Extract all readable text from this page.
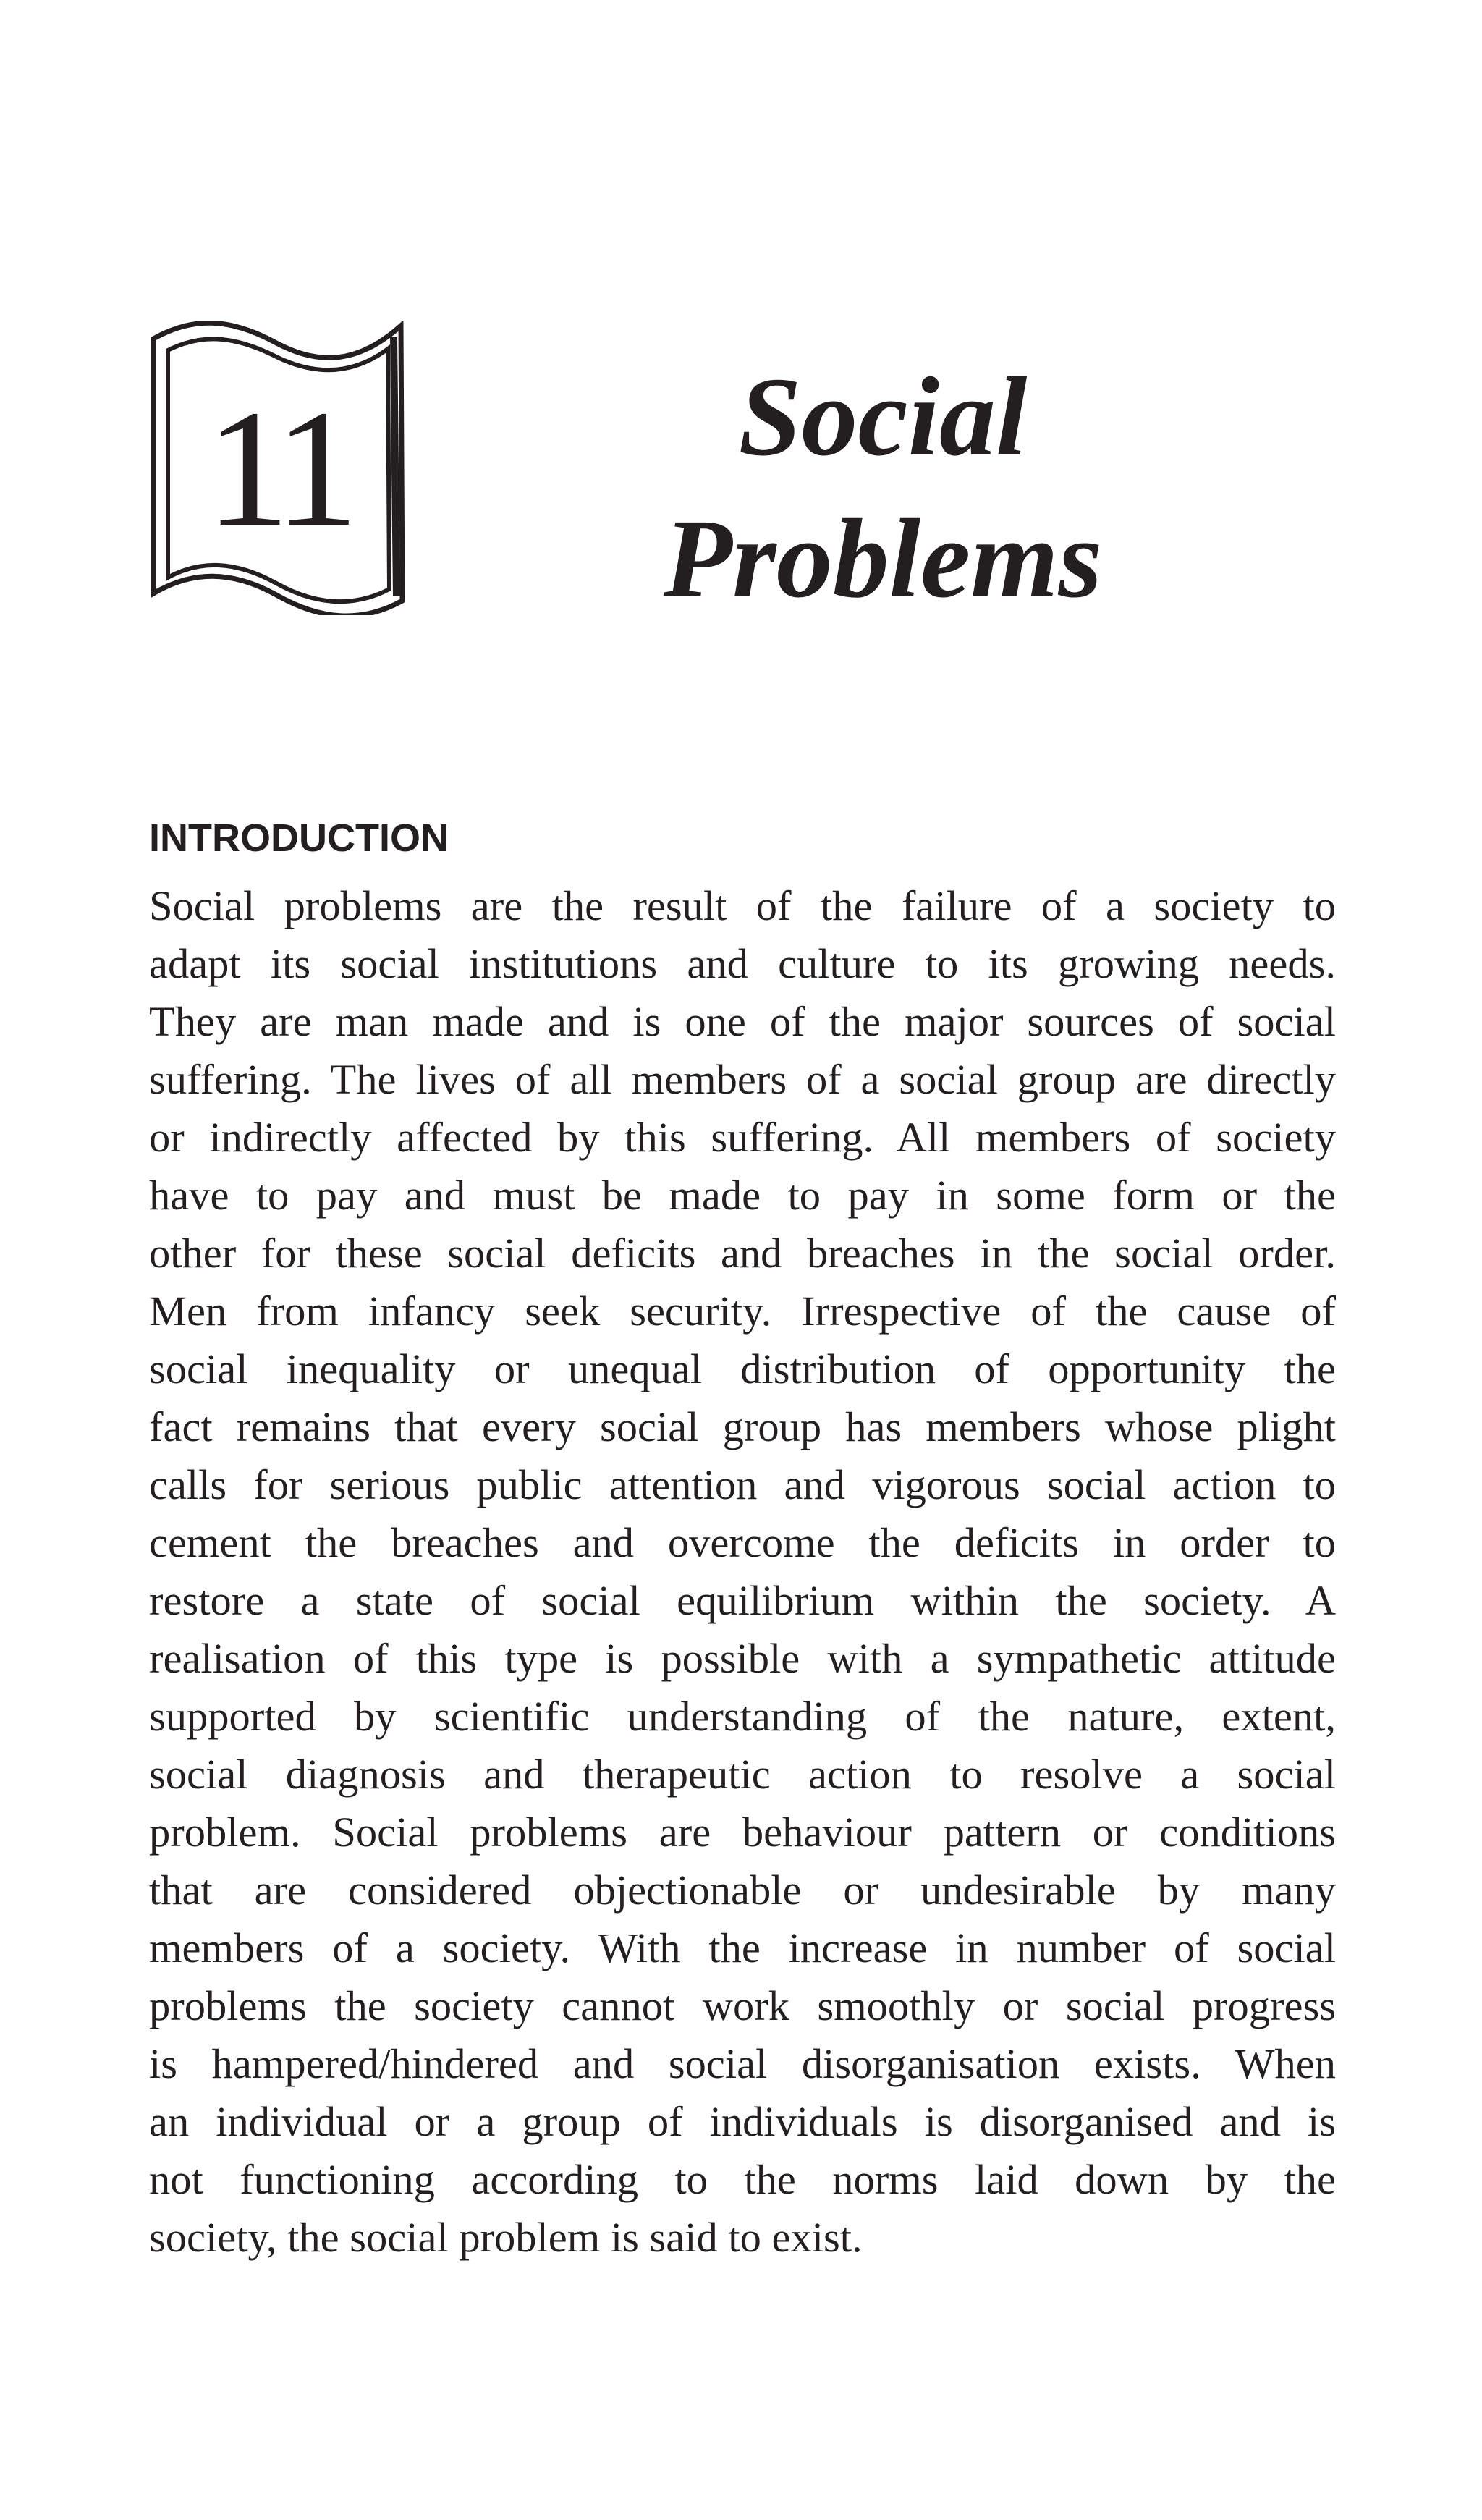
11	Social
Problems
INTRODUCTION
Social problems are the result of the failure of a society to
adapt its social institutions and culture to its growing needs.
They are man made and is one of the major sources of social
suffering. The lives of all members of a social group are directly
or indirectly affected by this suffering. All members of society
have to pay and must be made to pay in some form or the
other for these social deficits and breaches in the social order.
Men from infancy seek security. Irrespective of the cause of
social inequality or unequal distribution of opportunity the
fact remains that every social group has members whose plight
calls for serious public attention and vigorous social action to
cement the breaches and overcome the deficits in order to
restore a state of social equilibrium within the society. A
realisation of this type is possible with a sympathetic attitude
supported by scientific understanding of the nature, extent,
social diagnosis and therapeutic action to resolve a social
problem. Social problems are behaviour pattern or conditions
that are considered objectionable or undesirable by many
members of a society. With the increase in number of social
problems the society cannot work smoothly or social progress
is hampered/hindered and social disorganisation exists. When
an individual or a group of individuals is disorganised and is
not functioning according to the norms laid down by the
society, the social problem is said to exist.
